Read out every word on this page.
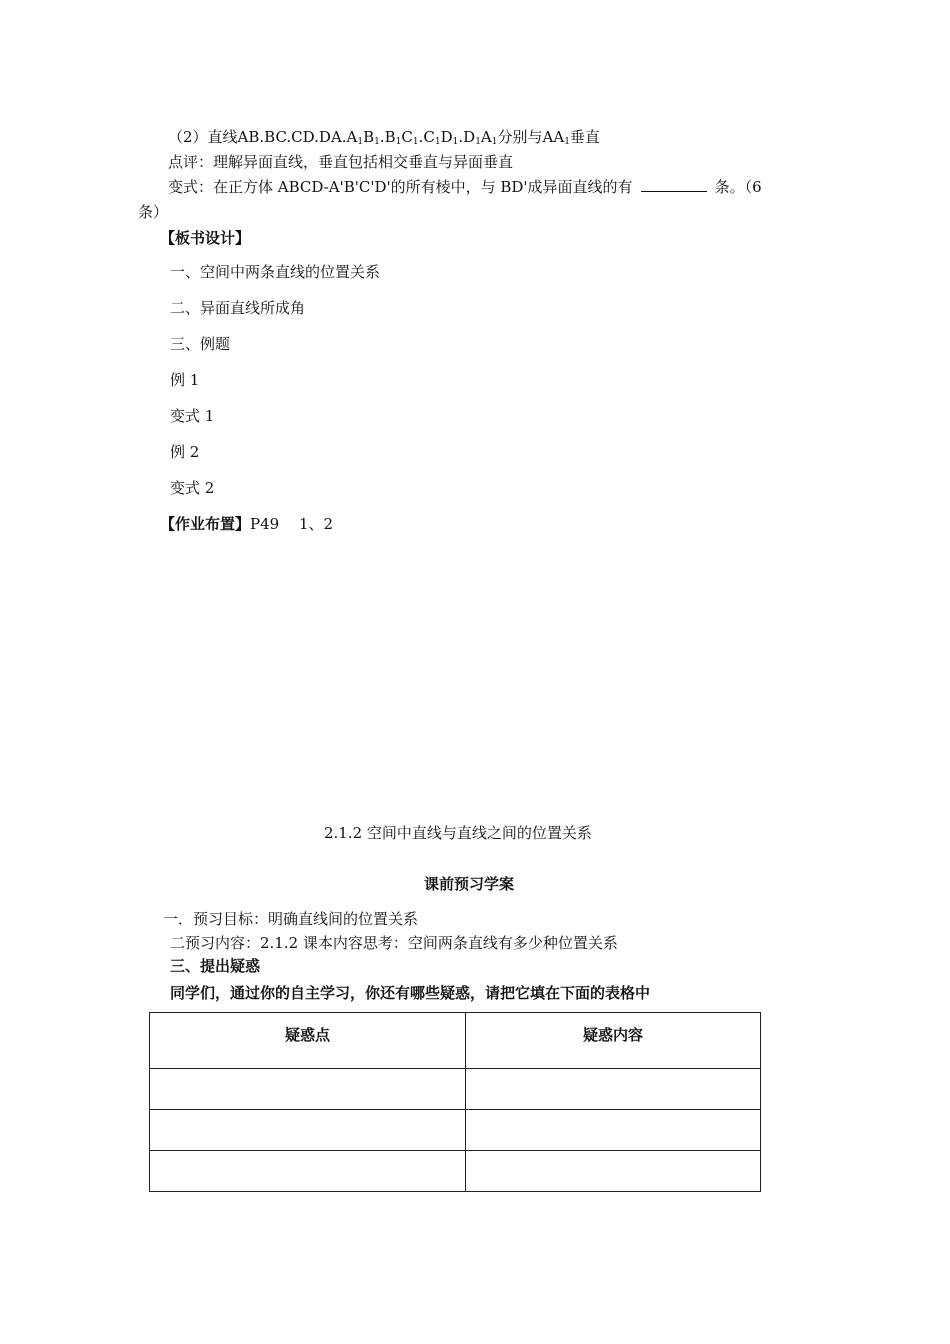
（2）直线$AB.BC.CD.DA.A_1B_1.B_1C_1.C_1D_1.D_1A_1$分别与$AA_1$垂直
点评：理解异面直线，垂直包括相交垂直与异面垂直
变式：在正方体 ABCD-A'B'C'D'的所有棱中，与 BD'成异面直线的有	条。（6
条）
【板书设计】
一、空间中两条直线的位置关系
二、异面直线所成角
三、例题
例 1
变式 1
例 2
变式 2
【作业布置】P49　 1、2
2.1.2 空间中直线与直线之间的位置关系
课前预习学案
一．预习目标：明确直线间的位置关系
二预习内容：2.1.2 课本内容思考：空间两条直线有多少种位置关系
三、提出疑惑
同学们，通过你的自主学习，你还有哪些疑惑，请把它填在下面的表格中
疑惑点	疑惑内容
